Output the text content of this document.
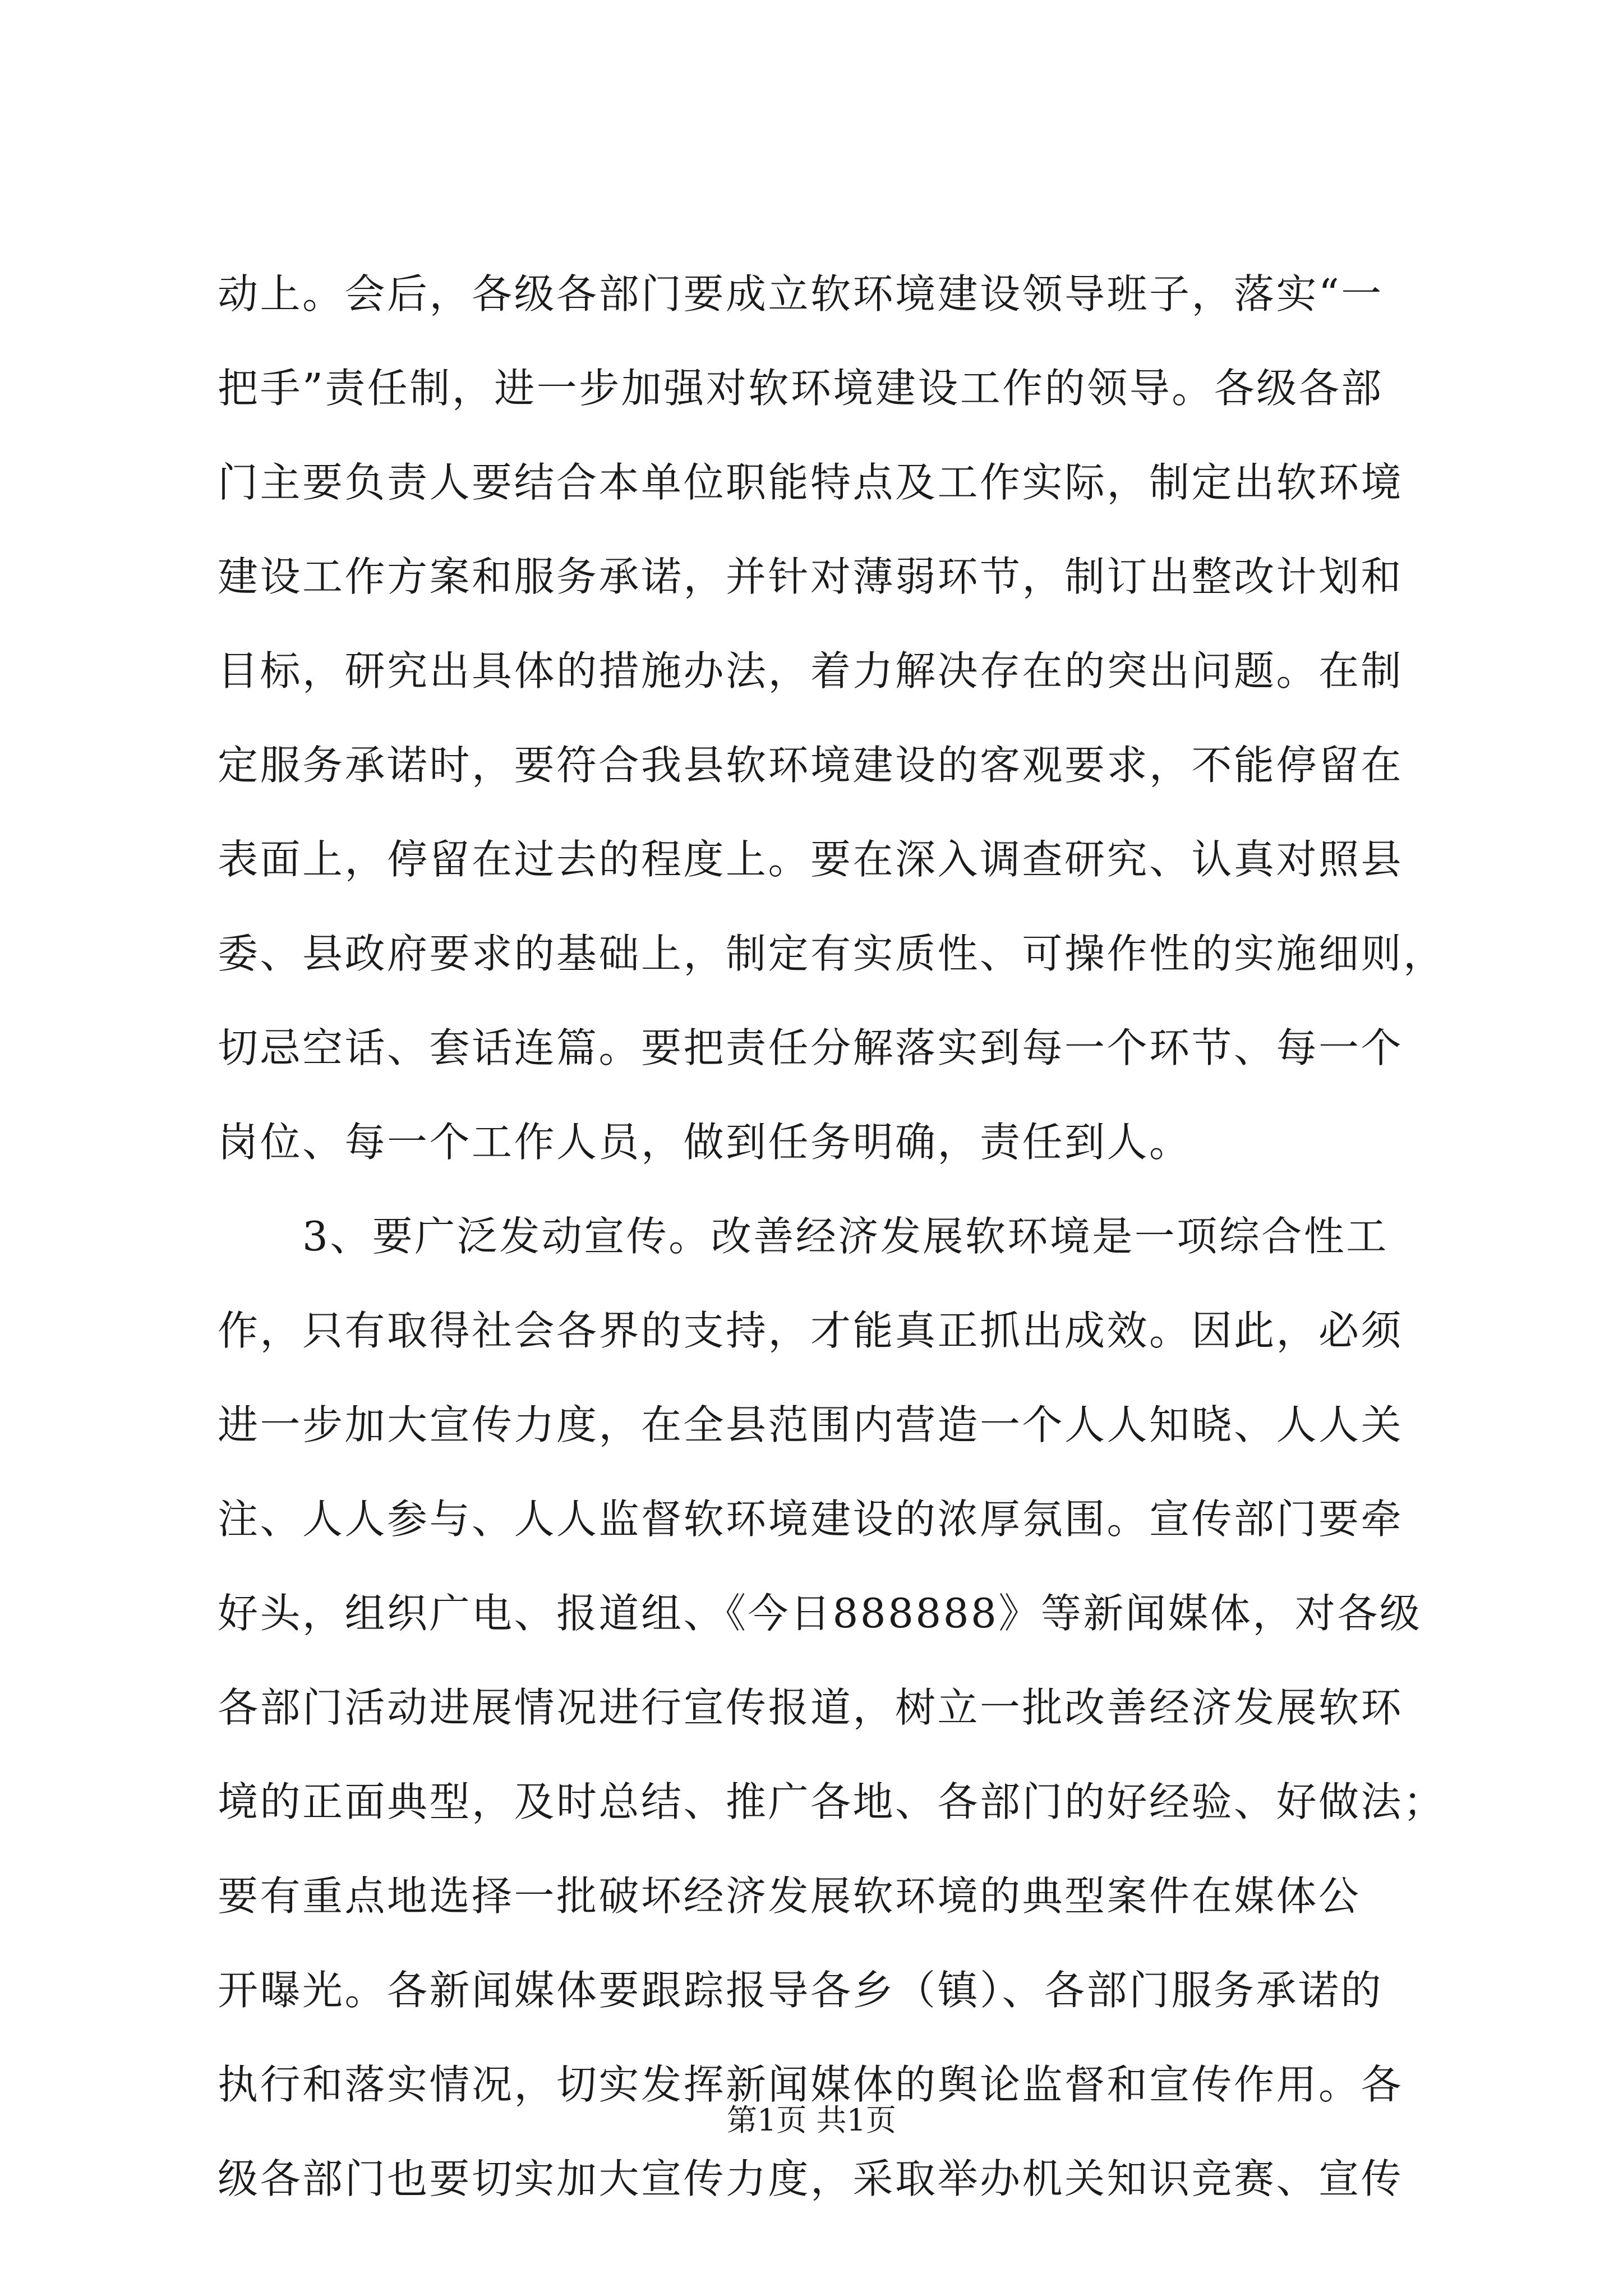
动上。会后，各级各部门要成立软环境建设领导班子，落实“一
把手”责任制，进一步加强对软环境建设工作的领导。各级各部
门主要负责人要结合本单位职能特点及工作实际，制定出软环境
建设工作方案和服务承诺，并针对薄弱环节，制订出整改计划和
目标，研究出具体的措施办法，着力解决存在的突出问题。在制
定服务承诺时，要符合我县软环境建设的客观要求，不能停留在
表面上，停留在过去的程度上。要在深入调查研究、认真对照县
委、县政府要求的基础上，制定有实质性、可操作性的实施细则，
切忌空话、套话连篇。要把责任分解落实到每一个环节、每一个
岗位、每一个工作人员，做到任务明确，责任到人。
　　3、要广泛发动宣传。改善经济发展软环境是一项综合性工
作，只有取得社会各界的支持，才能真正抓出成效。因此，必须
进一步加大宣传力度，在全县范围内营造一个人人知晓、人人关
注、人人参与、人人监督软环境建设的浓厚氛围。宣传部门要牵
好头，组织广电、报道组、《今日888888》等新闻媒体，对各级
各部门活动进展情况进行宣传报道，树立一批改善经济发展软环
境的正面典型，及时总结、推广各地、各部门的好经验、好做法；
要有重点地选择一批破坏经济发展软环境的典型案件在媒体公
开曝光。各新闻媒体要跟踪报导各乡（镇）、各部门服务承诺的
执行和落实情况，切实发挥新闻媒体的舆论监督和宣传作用。各
级各部门也要切实加大宣传力度，采取举办机关知识竞赛、宣传
第1页 共1页
